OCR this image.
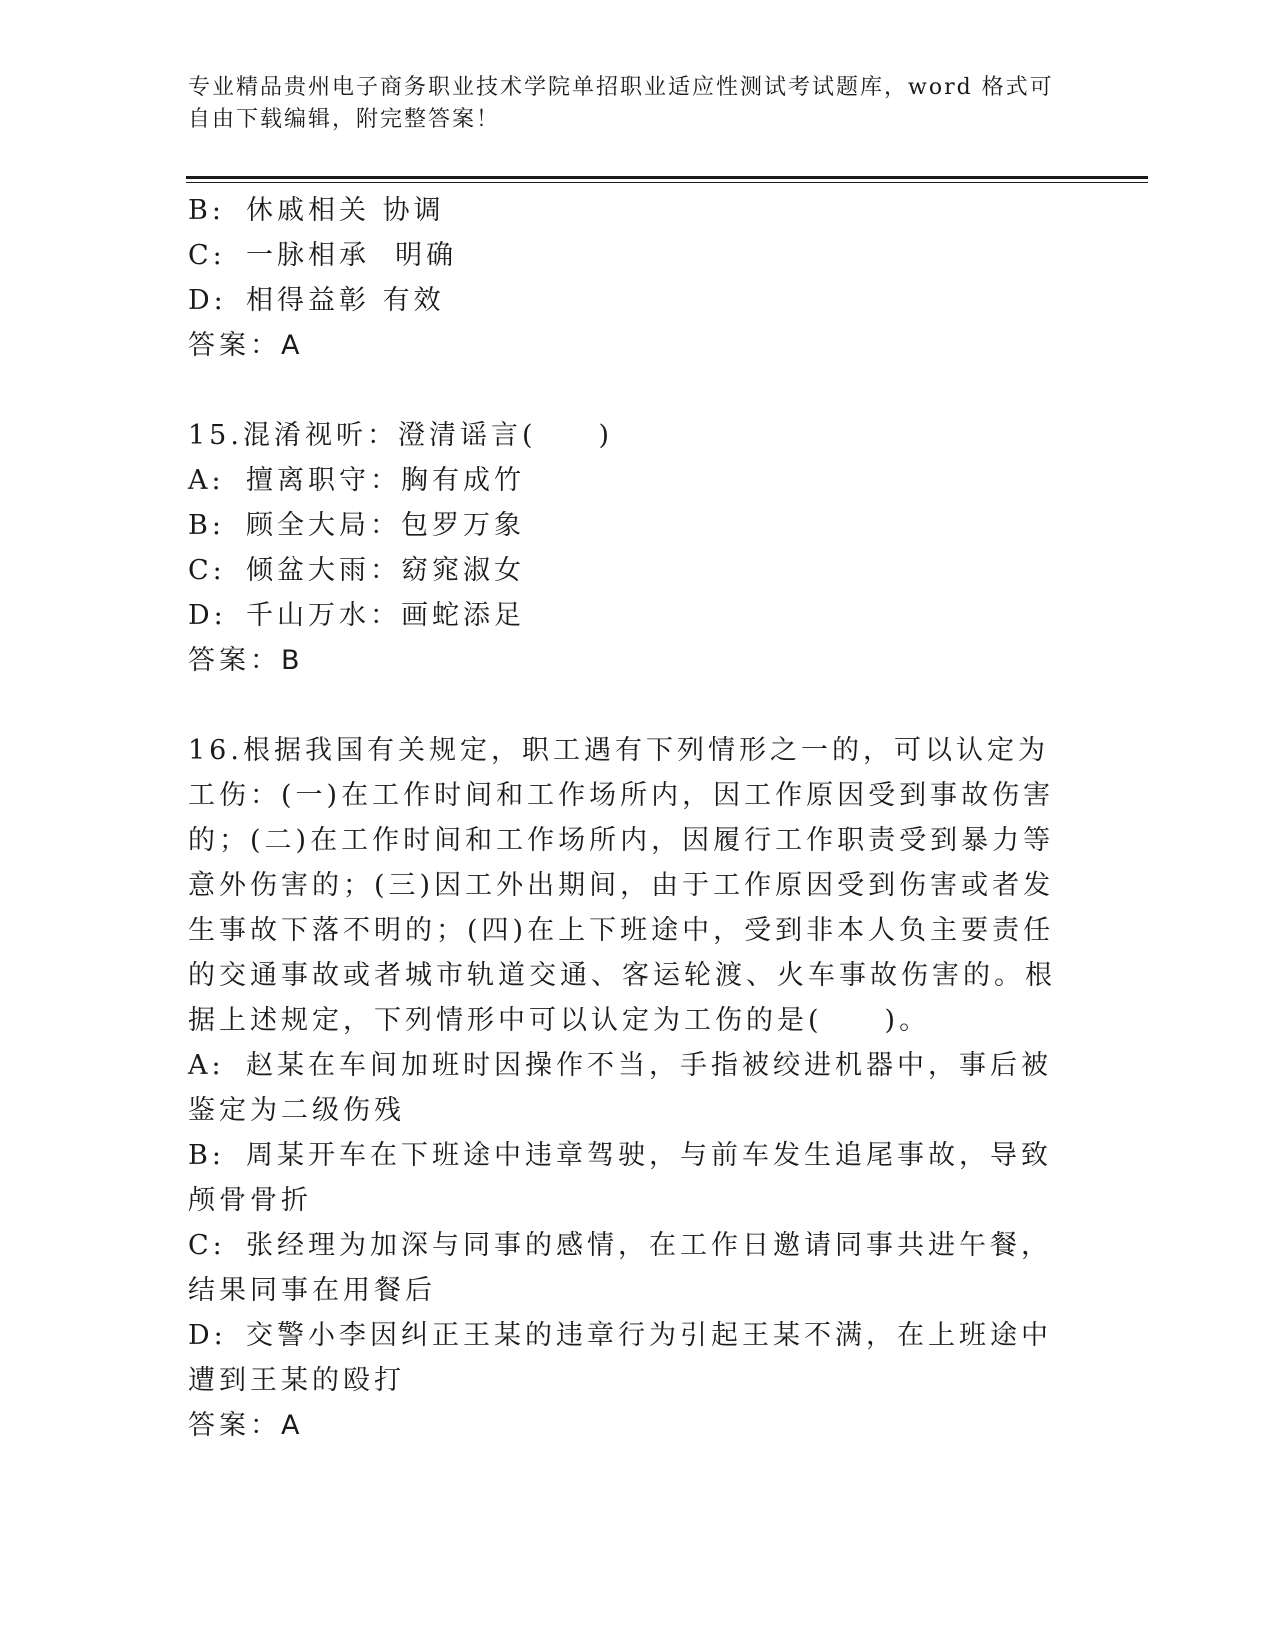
专业精品贵州电子商务职业技术学院单招职业适应性测试考试题库，word 格式可
自由下载编辑，附完整答案！
B: 休戚相关 协调
C: 一脉相承  明确
D: 相得益彰 有效
答案：A
15.混淆视听：澄清谣言(　　)
A: 擅离职守：胸有成竹
B: 顾全大局：包罗万象
C: 倾盆大雨：窈窕淑女
D: 千山万水：画蛇添足
答案：B
16.根据我国有关规定，职工遇有下列情形之一的，可以认定为工伤：(一)在工作时间和工作场所内，因工作原因受到事故伤害的；(二)在工作时间和工作场所内，因履行工作职责受到暴力等意外伤害的；(三)因工外出期间，由于工作原因受到伤害或者发生事故下落不明的；(四)在上下班途中，受到非本人负主要责任的交通事故或者城市轨道交通、客运轮渡、火车事故伤害的。根据上述规定，下列情形中可以认定为工伤的是(　　)。
A: 赵某在车间加班时因操作不当，手指被绞进机器中，事后被鉴定为二级伤残
B: 周某开车在下班途中违章驾驶，与前车发生追尾事故，导致颅骨骨折
C: 张经理为加深与同事的感情，在工作日邀请同事共进午餐，结果同事在用餐后
D: 交警小李因纠正王某的违章行为引起王某不满，在上班途中遭到王某的殴打
答案：A
